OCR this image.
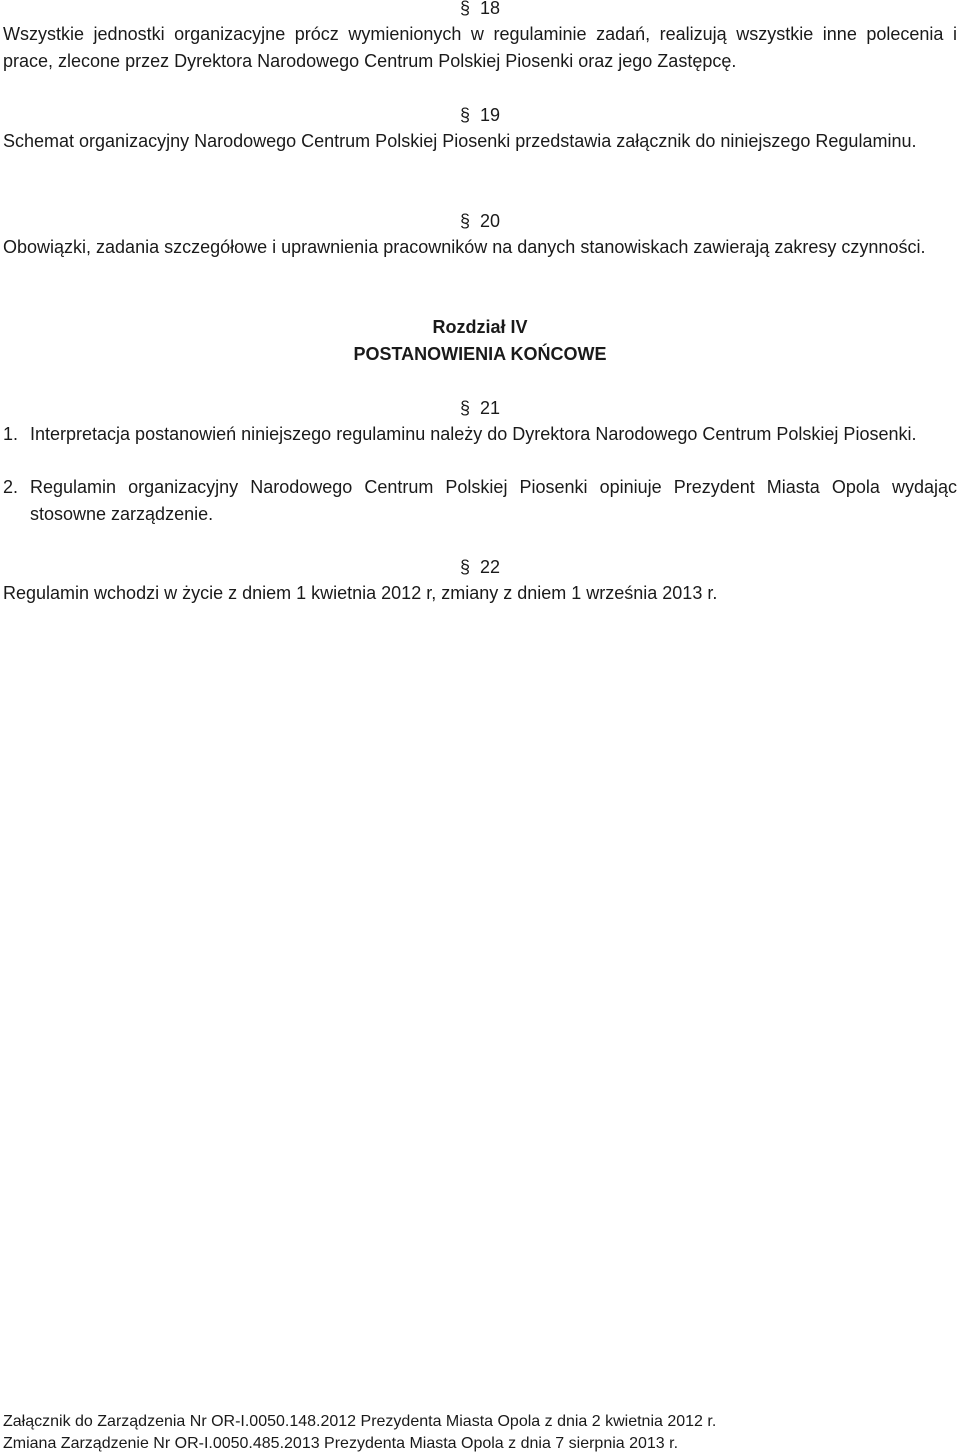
§ 18

Wszystkie jednostki organizacyjne prócz wymienionych w regulaminie zadań, realizują wszystkie inne polecenia i prace, zlecone przez Dyrektora Narodowego Centrum Polskiej Piosenki oraz jego Zastępcę.

§ 19

Schemat organizacyjny Narodowego Centrum Polskiej Piosenki przedstawia załącznik do niniejszego Regulaminu.

§ 20

Obowiązki, zadania szczegółowe i uprawnienia pracowników na danych stanowiskach zawierają zakresy czynności.

Rozdział IV

POSTANOWIENIA KOŃCOWE

§ 21

1. Interpretacja postanowień niniejszego regulaminu należy do Dyrektora Narodowego Centrum Polskiej Piosenki.
2. Regulamin organizacyjny Narodowego Centrum Polskiej Piosenki opiniuje Prezydent Miasta Opola wydając stosowne zarządzenie.

§ 22

Regulamin wchodzi w życie z dniem 1 kwietnia 2012 r, zmiany z dniem 1 września 2013 r.

Załącznik do Zarządzenia Nr OR-I.0050.148.2012 Prezydenta Miasta Opola z dnia 2 kwietnia 2012 r.

Zmiana Zarządzenie Nr OR-I.0050.485.2013 Prezydenta Miasta Opola z dnia 7 sierpnia 2013 r.
